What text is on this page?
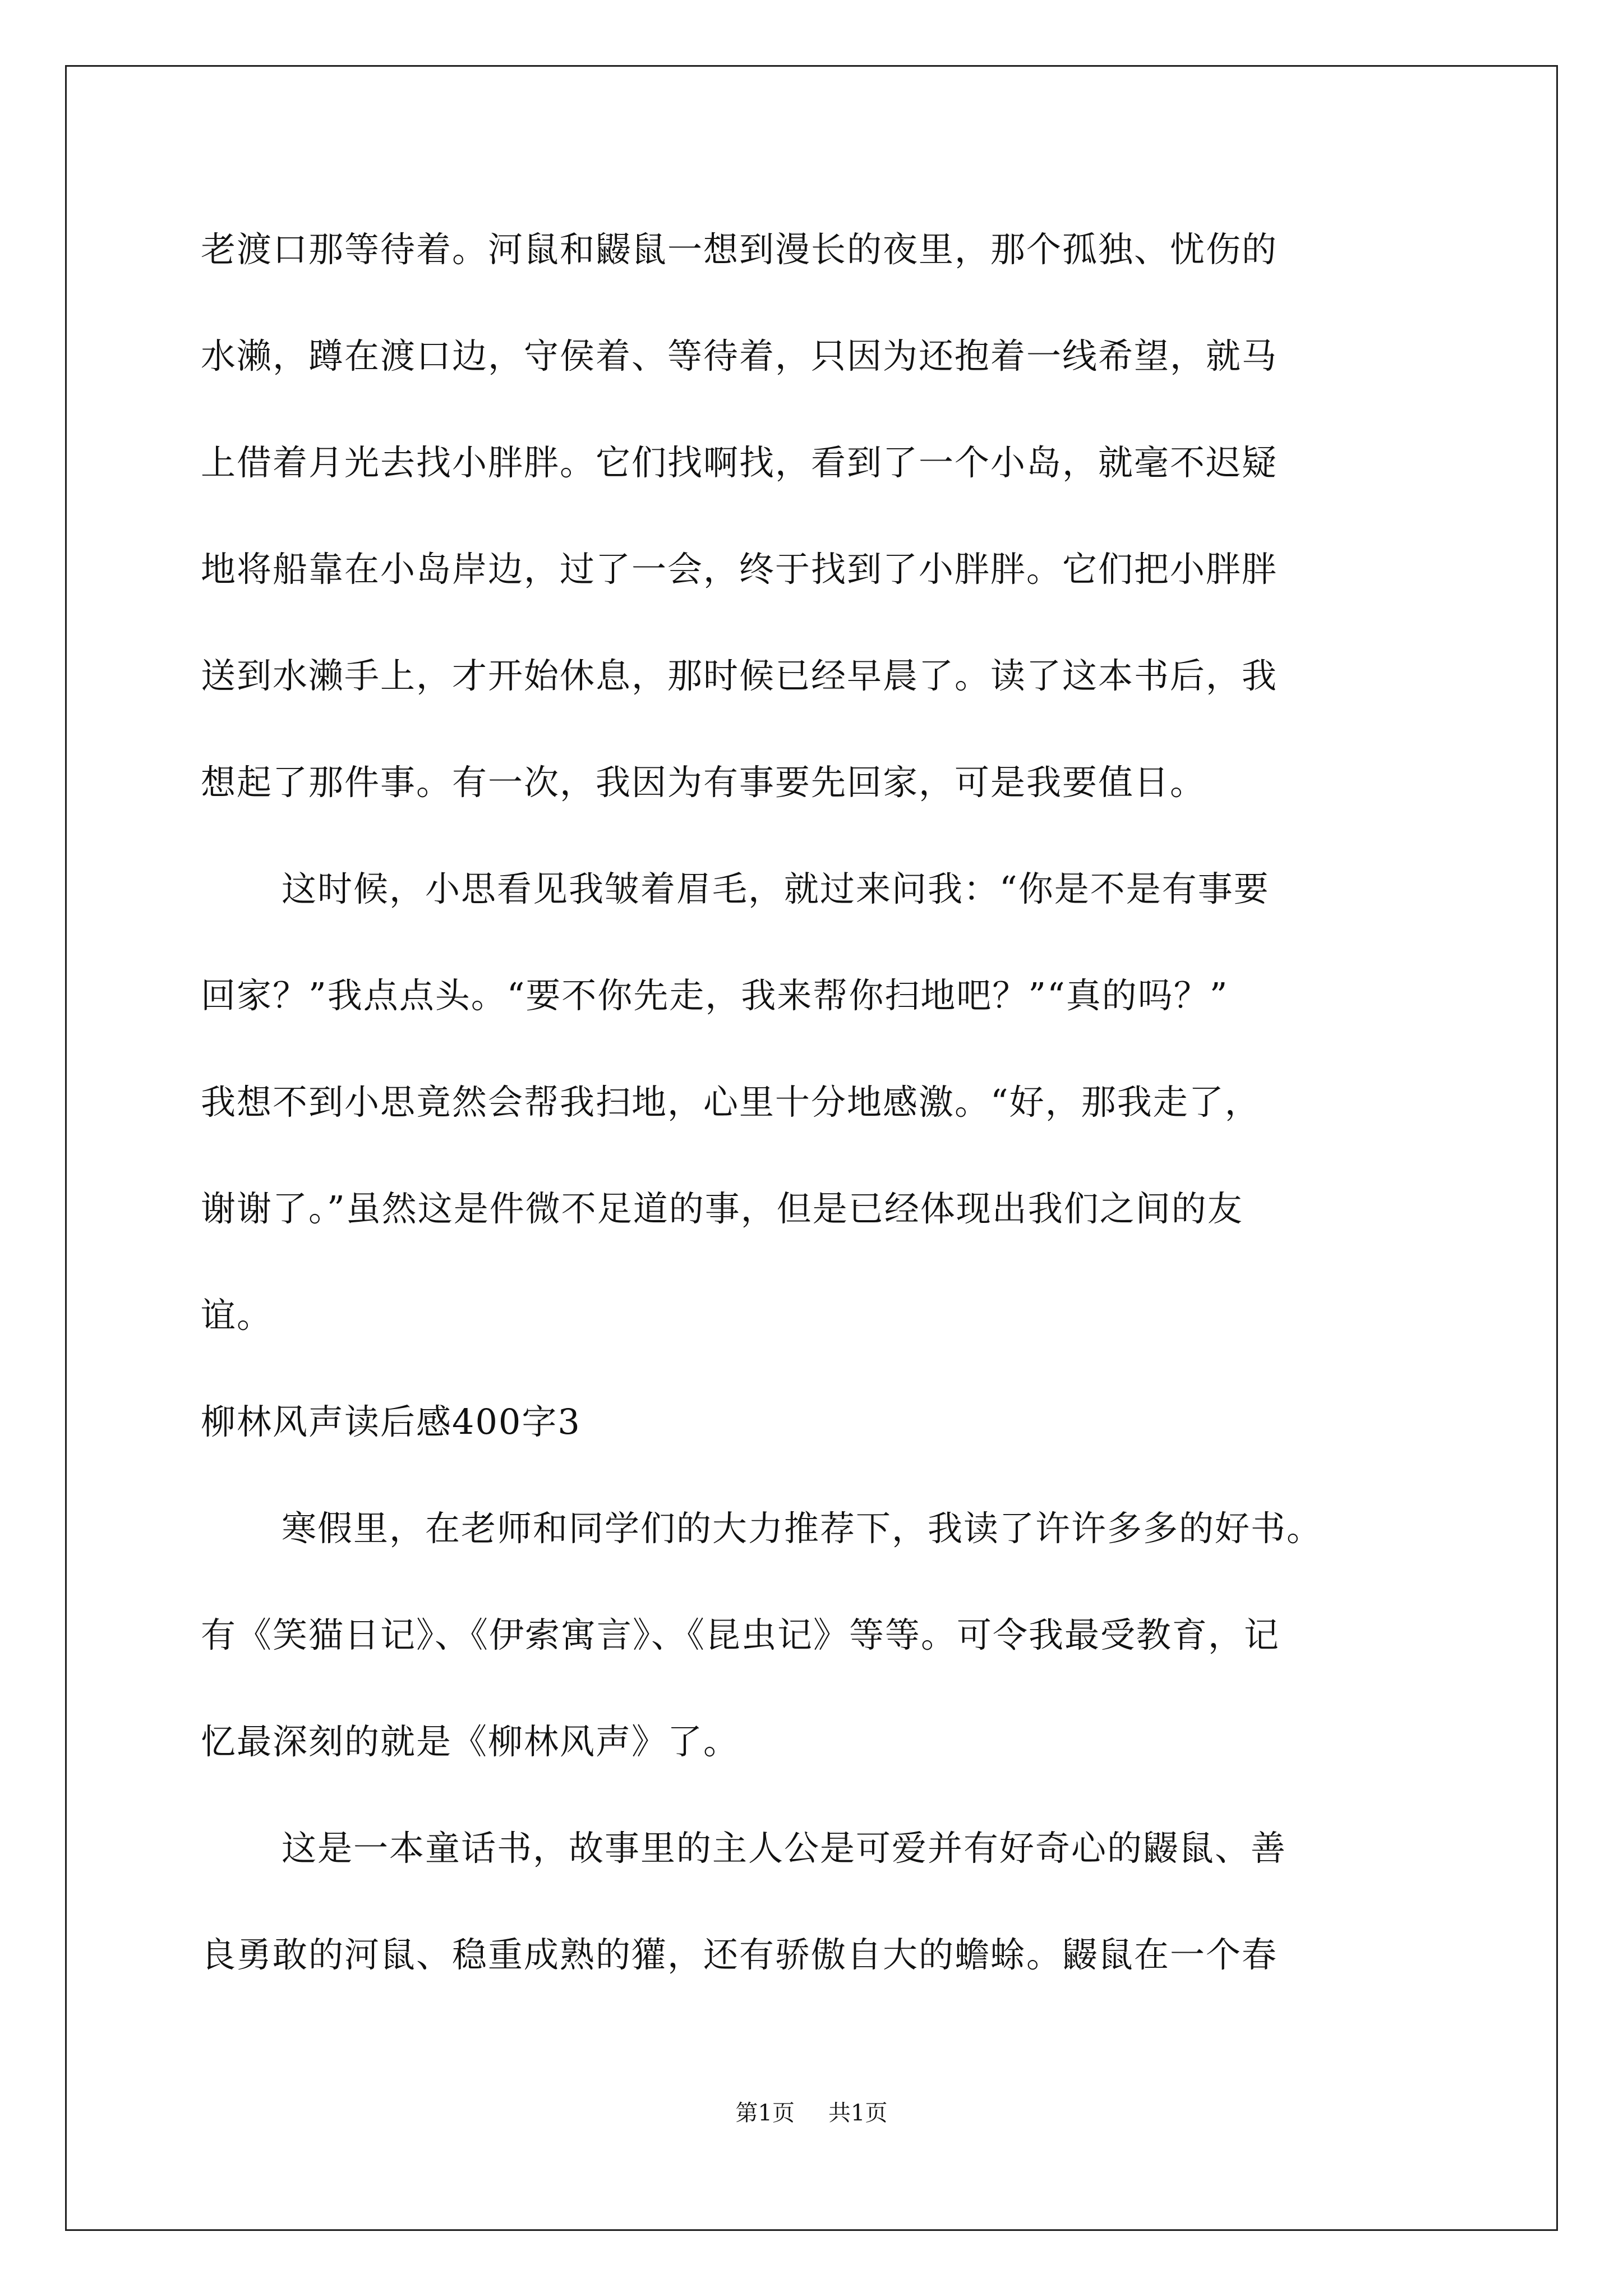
老渡口那等待着。河鼠和鼹鼠一想到漫长的夜里，那个孤独、忧伤的
水濑，蹲在渡口边，守侯着、等待着，只因为还抱着一线希望，就马
上借着月光去找小胖胖。它们找啊找，看到了一个小岛，就毫不迟疑
地将船靠在小岛岸边，过了一会，终于找到了小胖胖。它们把小胖胖
送到水濑手上，才开始休息，那时候已经早晨了。读了这本书后，我
想起了那件事。有一次，我因为有事要先回家，可是我要值日。
这时候，小思看见我皱着眉毛，就过来问我：“你是不是有事要
回家？”我点点头。“要不你先走，我来帮你扫地吧？”“真的吗？”
我想不到小思竟然会帮我扫地，心里十分地感激。“好，那我走了，
谢谢了。”虽然这是件微不足道的事，但是已经体现出我们之间的友
谊。
柳林风声读后感400字3
寒假里，在老师和同学们的大力推荐下，我读了许许多多的好书。
有《笑猫日记》、《伊索寓言》、《昆虫记》等等。可令我最受教育，记
忆最深刻的就是《柳林风声》了。
这是一本童话书，故事里的主人公是可爱并有好奇心的鼹鼠、善
良勇敢的河鼠、稳重成熟的獾，还有骄傲自大的蟾蜍。鼹鼠在一个春
第1页 共1页
